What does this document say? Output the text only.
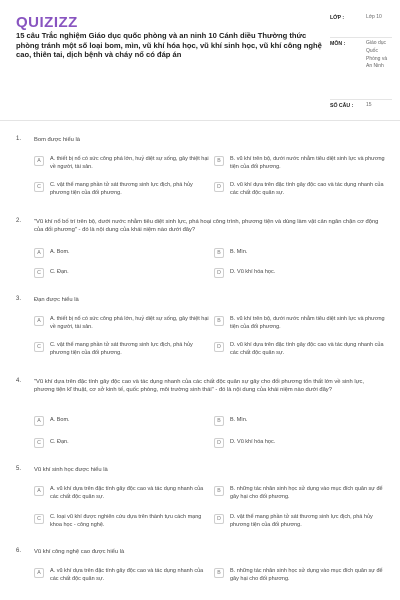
QUIZIZZ
15 câu Trắc nghiệm Giáo dục quốc phòng và an ninh 10 Cánh diều Thường thức phòng tránh một số loại bom, mìn, vũ khí hóa học, vũ khí sinh học, vũ khí công nghệ cao, thiên tai, dịch bệnh và cháy nổ có đáp án
LỚP :	Lớp 10
MÔN :	Giáo dục Quốc Phòng và An Ninh
SỐ CÂU :	15
1. Bom được hiểu là
A	A. thiết bị nổ có sức công phá lớn, huỷ diệt sự sống, gây thiệt hại về người, tài sản.
B	B. vũ khí trên bộ, dưới nước nhằm tiêu diệt sinh lực và phương tiện của đối phương.
C	C. vật thể mang phần tử sát thương sinh lực địch, phá hủy phương tiện của đối phương.
D	D. vũ khí dựa trên đặc tính gây độc cao và tác dụng nhanh của các chất độc quân sự.
2. "Vũ khí nổ bố trí trên bộ, dưới nước nhằm tiêu diệt sinh lực, phá hoại công trình, phương tiện và dùng làm vật cản ngăn chặn cơ động của đối phương" - đó là nội dung của khái niệm nào dưới đây?
A	A. Bom.	B	B. Mìn.
C	C. Đạn.	D	D. Vũ khí hóa học.
3. Đạn được hiểu là
A	A. thiết bị nổ có sức công phá lớn, huỷ diệt sự sống, gây thiệt hại về người, tài sản.
B	B. vũ khí trên bộ, dưới nước nhằm tiêu diệt sinh lực và phương tiện của đối phương.
C	C. vật thể mang phần tử sát thương sinh lực địch, phá hủy phương tiện của đối phương.
D	D. vũ khí dựa trên đặc tính gây độc cao và tác dụng nhanh của các chất độc quân sự.
4. "Vũ khí dựa trên đặc tính gây độc cao và tác dụng nhanh của các chất độc quân sự gây cho đối phương tổn thất lớn về sinh lực, phương tiện kĩ thuật, cơ sở kinh tế, quốc phòng, môi trường sinh thái" - đó là nội dung của khái niệm nào dưới đây?
A	A. Bom.	B	B. Mìn.
C	C. Đạn.	D	D. Vũ khí hóa học.
5. Vũ khí sinh học được hiểu là
A	A. vũ khí dựa trên đặc tính gây độc cao và tác dụng nhanh của các chất độc quân sự.
B	B. những tác nhân sinh học sử dụng vào mục đích quân sự để gây hại cho đối phương.
C	C. loại vũ khí được nghiên cứu dựa trên thành tựu cách mạng khoa học - công nghệ.
D	D. vật thể mang phần tử sát thương sinh lực địch, phá hủy phương tiện của đối phương.
6. Vũ khí công nghệ cao được hiểu là
A	A. vũ khí dựa trên đặc tính gây độc cao và tác dụng nhanh của các chất độc quân sự.
B	B. những tác nhân sinh học sử dụng vào mục đích quân sự để gây hại cho đối phương.
